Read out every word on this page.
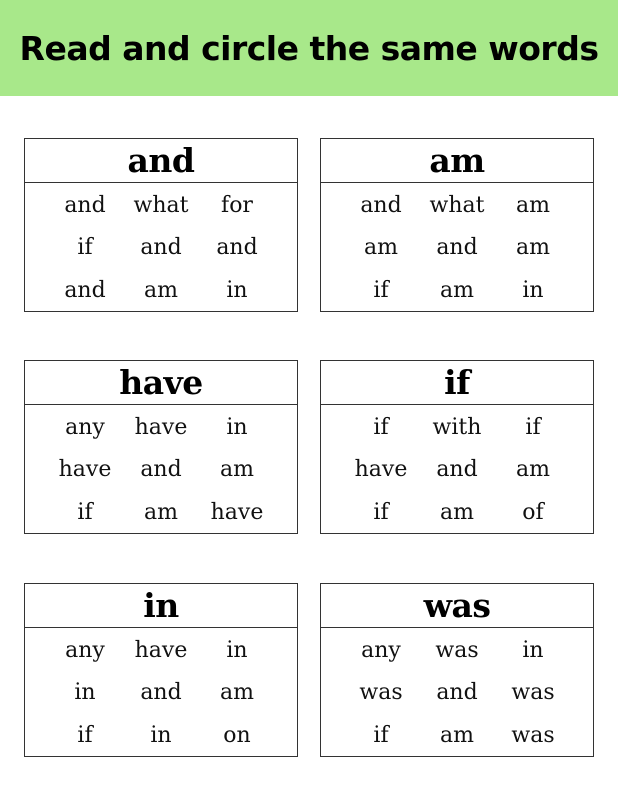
Read and circle the same words
and
and	what	for
if	and	and
and	am	in
am
and	what	am
am	and	am
if	am	in
have
any	have	in
have	and	am
if	am	have
if
if	with	if
have	and	am
if	am	of
in
any	have	in
in	and	am
if	in	on
was
any	was	in
was	and	was
if	am	was
